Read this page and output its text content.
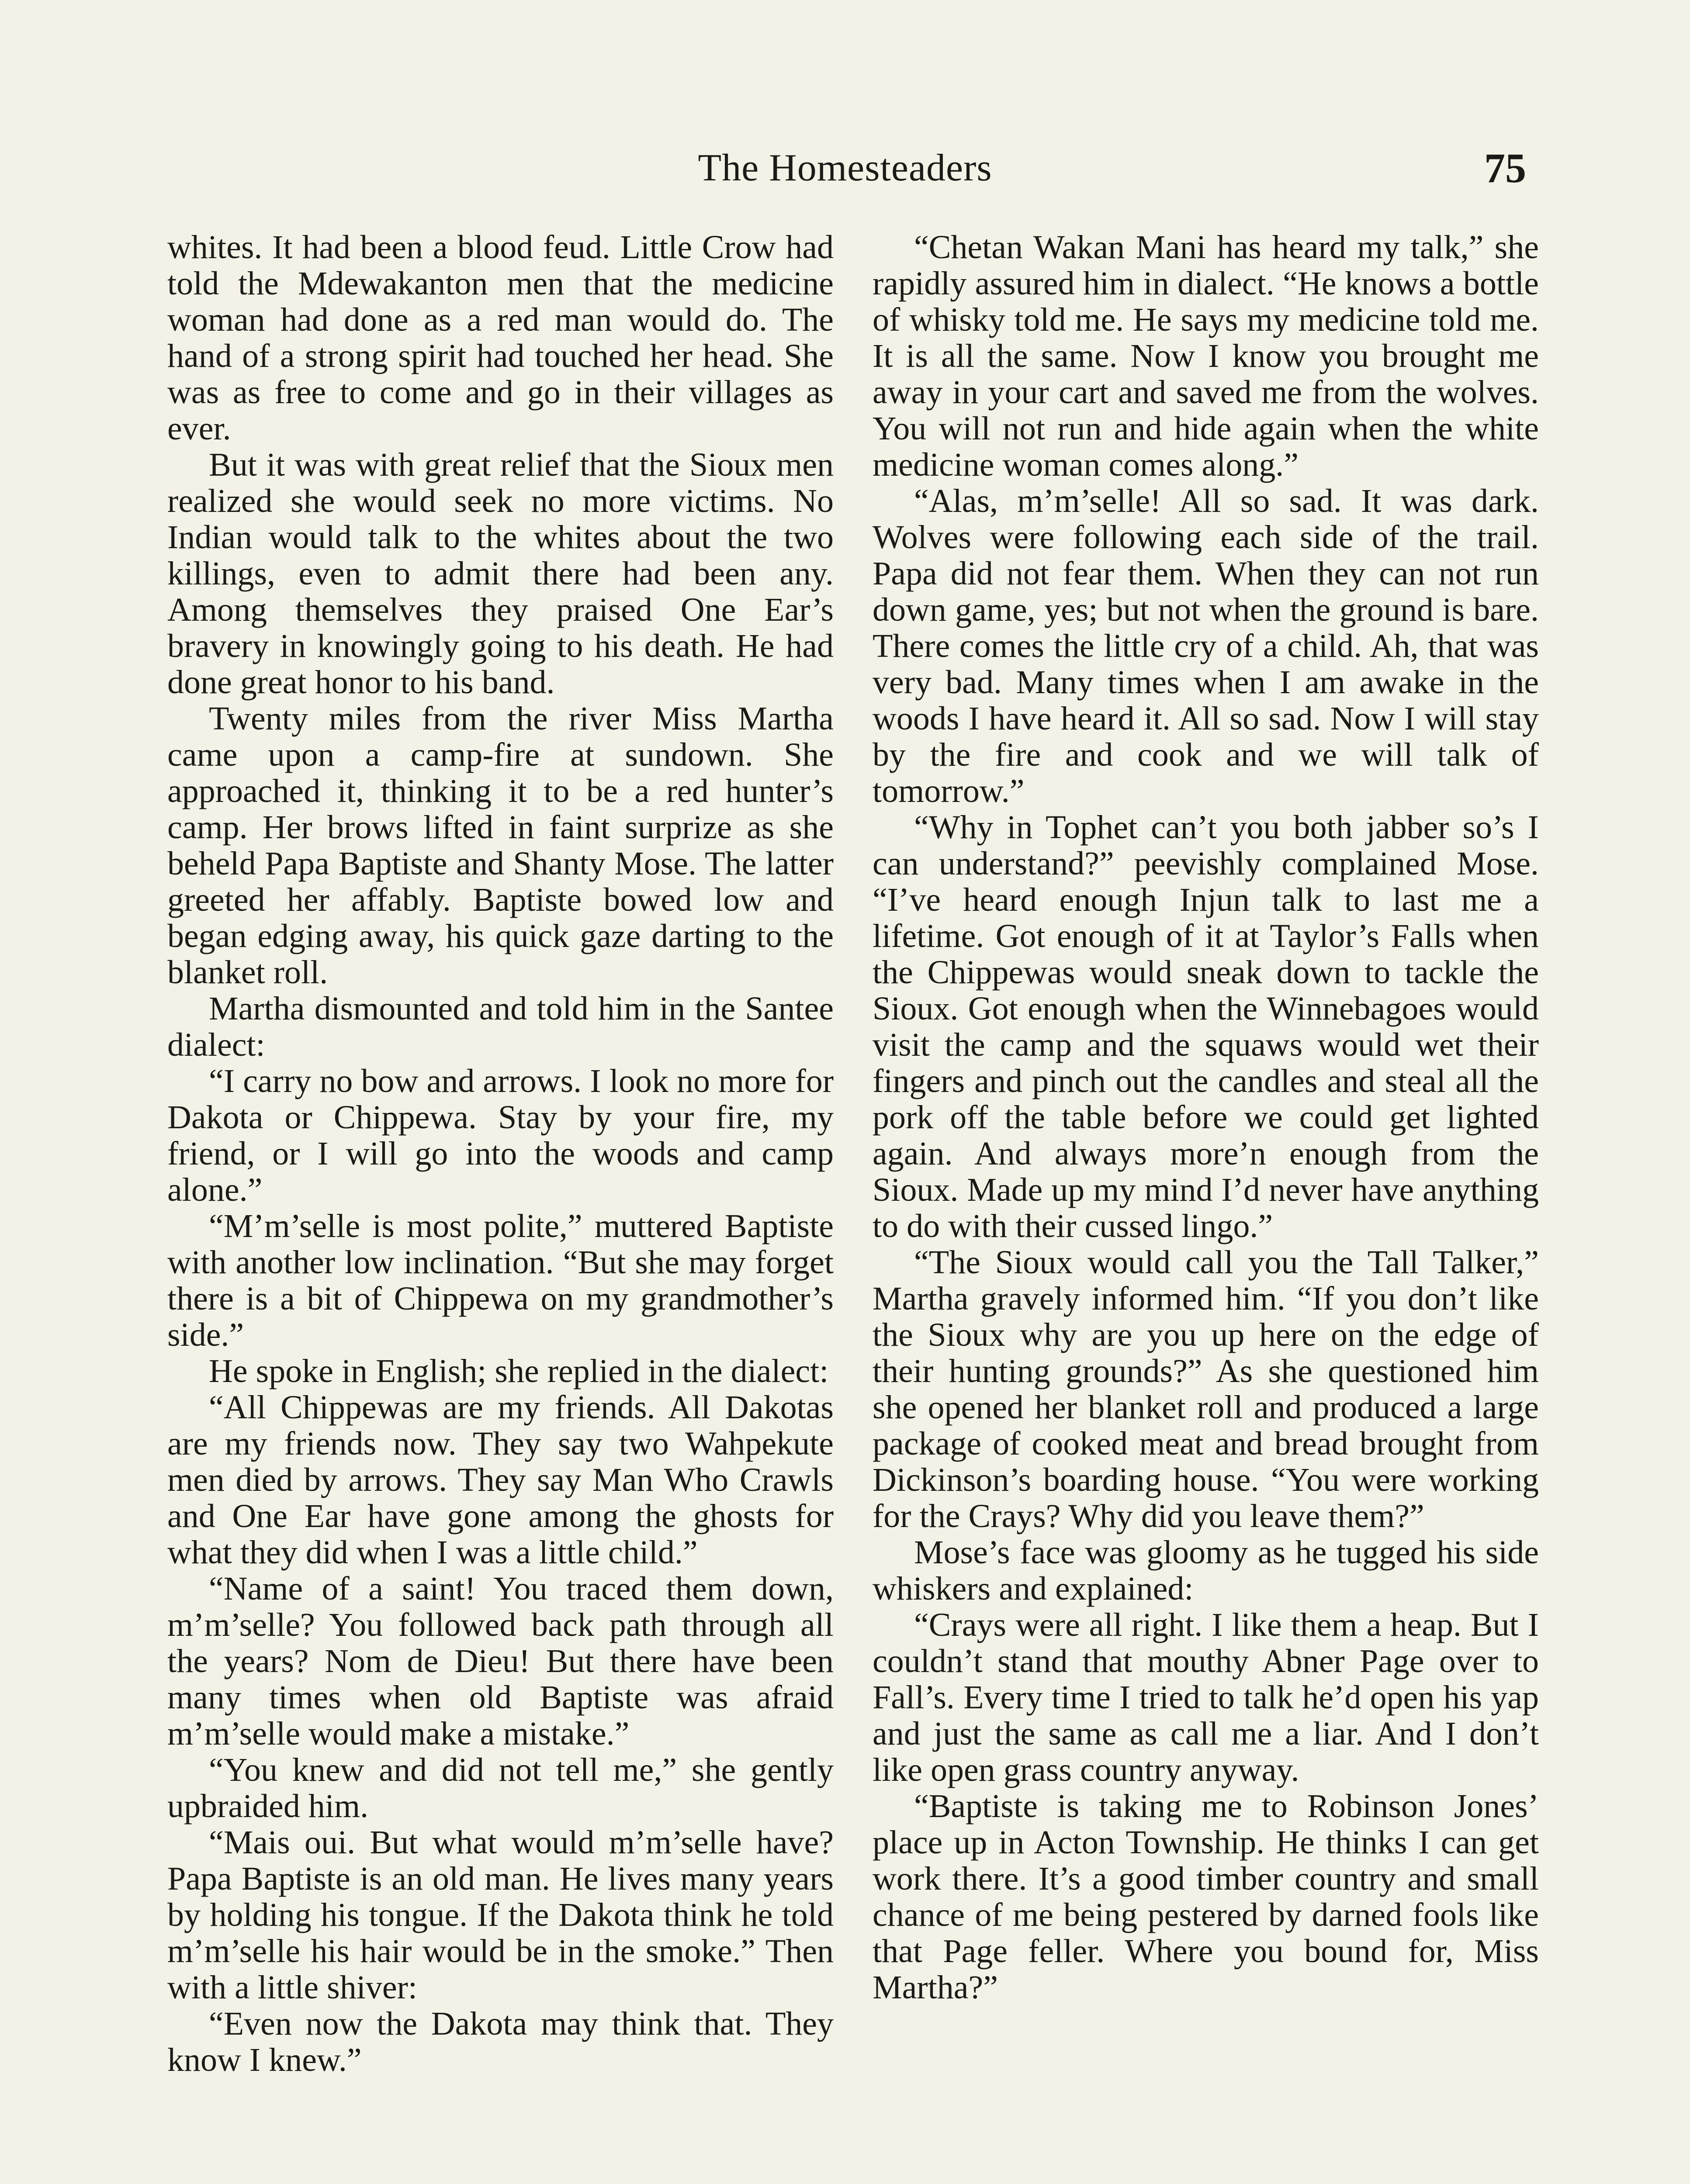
The Homesteaders	75

whites. It had been a blood feud. Little Crow had told the Mdewakanton men that the medicine woman had done as a red man would do. The hand of a strong spirit had touched her head. She was as free to come and go in their villages as ever.

But it was with great relief that the Sioux men realized she would seek no more victims. No Indian would talk to the whites about the two killings, even to admit there had been any. Among themselves they praised One Ear’s bravery in knowingly going to his death. He had done great honor to his band.

Twenty miles from the river Miss Martha came upon a camp-fire at sundown. She approached it, thinking it to be a red hunter’s camp. Her brows lifted in faint surprize as she beheld Papa Baptiste and Shanty Mose. The latter greeted her affably. Baptiste bowed low and began edging away, his quick gaze darting to the blanket roll.

Martha dismounted and told him in the Santee dialect:

“I carry no bow and arrows. I look no more for Dakota or Chippewa. Stay by your fire, my friend, or I will go into the woods and camp alone.”

“M’m’selle is most polite,” muttered Baptiste with another low inclination. “But she may forget there is a bit of Chippewa on my grandmother’s side.”

He spoke in English; she replied in the dialect:

“All Chippewas are my friends. All Dakotas are my friends now. They say two Wahpekute men died by arrows. They say Man Who Crawls and One Ear have gone among the ghosts for what they did when I was a little child.”

“Name of a saint! You traced them down, m’m’selle? You followed back path through all the years? Nom de Dieu! But there have been many times when old Baptiste was afraid m’m’selle would make a mistake.”

“You knew and did not tell me,” she gently upbraided him.

“Mais oui. But what would m’m’selle have? Papa Baptiste is an old man. He lives many years by holding his tongue. If the Dakota think he told m’m’selle his hair would be in the smoke.” Then with a little shiver:

“Even now the Dakota may think that. They know I knew.”

“Chetan Wakan Mani has heard my talk,” she rapidly assured him in dialect. “He knows a bottle of whisky told me. He says my medicine told me. It is all the same. Now I know you brought me away in your cart and saved me from the wolves. You will not run and hide again when the white medicine woman comes along.”

“Alas, m’m’selle! All so sad. It was dark. Wolves were following each side of the trail. Papa did not fear them. When they can not run down game, yes; but not when the ground is bare. There comes the little cry of a child. Ah, that was very bad. Many times when I am awake in the woods I have heard it. All so sad. Now I will stay by the fire and cook and we will talk of tomorrow.”

“Why in Tophet can’t you both jabber so’s I can understand?” peevishly complained Mose. “I’ve heard enough Injun talk to last me a lifetime. Got enough of it at Taylor’s Falls when the Chippewas would sneak down to tackle the Sioux. Got enough when the Winnebagoes would visit the camp and the squaws would wet their fingers and pinch out the candles and steal all the pork off the table before we could get lighted again. And always more’n enough from the Sioux. Made up my mind I’d never have anything to do with their cussed lingo.”

“The Sioux would call you the Tall Talker,” Martha gravely informed him. “If you don’t like the Sioux why are you up here on the edge of their hunting grounds?” As she questioned him she opened her blanket roll and produced a large package of cooked meat and bread brought from Dickinson’s boarding house. “You were working for the Crays? Why did you leave them?”

Mose’s face was gloomy as he tugged his side whiskers and explained:

“Crays were all right. I like them a heap. But I couldn’t stand that mouthy Abner Page over to Fall’s. Every time I tried to talk he’d open his yap and just the same as call me a liar. And I don’t like open grass country anyway.

“Baptiste is taking me to Robinson Jones’ place up in Acton Township. He thinks I can get work there. It’s a good timber country and small chance of me being pestered by darned fools like that Page feller. Where you bound for, Miss Martha?”
